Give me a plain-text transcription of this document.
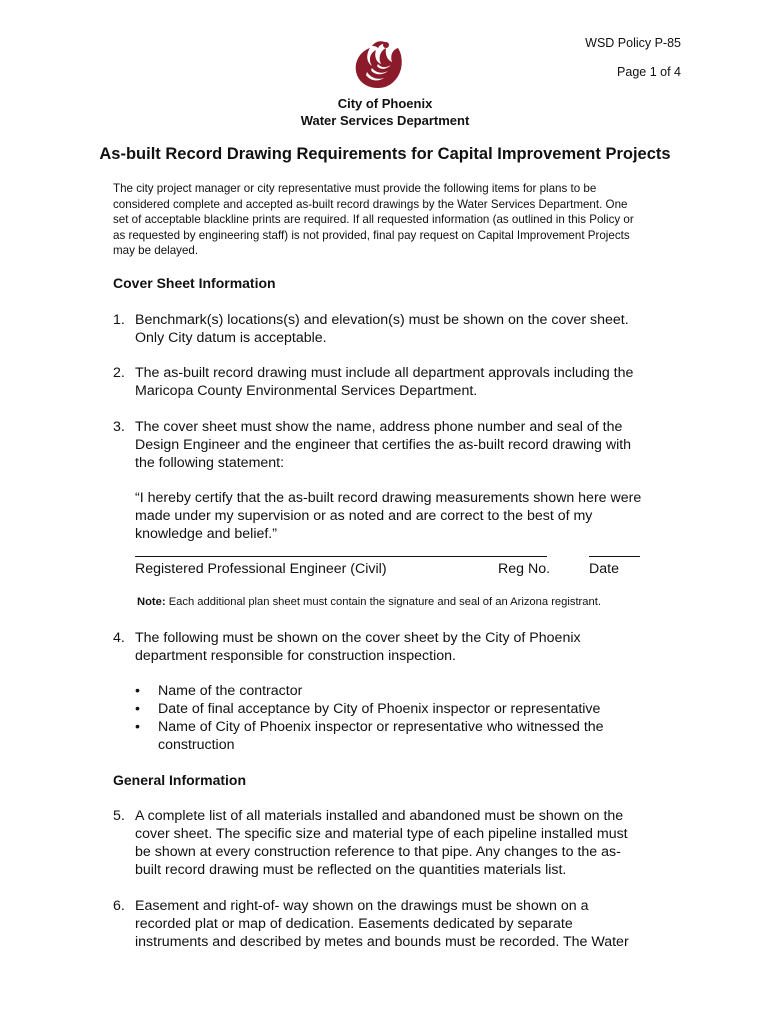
WSD Policy P-85
Page 1 of 4
City of Phoenix
Water Services Department
As-built Record Drawing Requirements for Capital Improvement Projects

The city project manager or city representative must provide the following items for plans to be

considered complete and accepted as-built record drawings by the Water Services Department. One

set of acceptable blackline prints are required. If all requested information (as outlined in this Policy or

as requested by engineering staff) is not provided, final pay request on Capital Improvement Projects

may be delayed.

Cover Sheet Information
1. Benchmark(s) locations(s) and elevation(s) must be shown on the cover sheet.
Only City datum is acceptable.
2. The as-built record drawing must include all department approvals including the
Maricopa County Environmental Services Department.
3. The cover sheet must show the name, address phone number and seal of the
Design Engineer and the engineer that certifies the as-built record drawing with
the following statement:
“I hereby certify that the as-built record drawing measurements shown here were
made under my supervision or as noted and are correct to the best of my
knowledge and belief.”
Registered Professional Engineer (Civil)	Reg No.	Date
Note: Each additional plan sheet must contain the signature and seal of an Arizona registrant.
4. The following must be shown on the cover sheet by the City of Phoenix
department responsible for construction inspection.
• Name of the contractor
• Date of final acceptance by City of Phoenix inspector or representative
• Name of City of Phoenix inspector or representative who witnessed the
construction
General Information
5. A complete list of all materials installed and abandoned must be shown on the
cover sheet. The specific size and material type of each pipeline installed must
be shown at every construction reference to that pipe. Any changes to the as-
built record drawing must be reflected on the quantities materials list.
6. Easement and right-of- way shown on the drawings must be shown on a
recorded plat or map of dedication. Easements dedicated by separate
instruments and described by metes and bounds must be recorded. The Water
